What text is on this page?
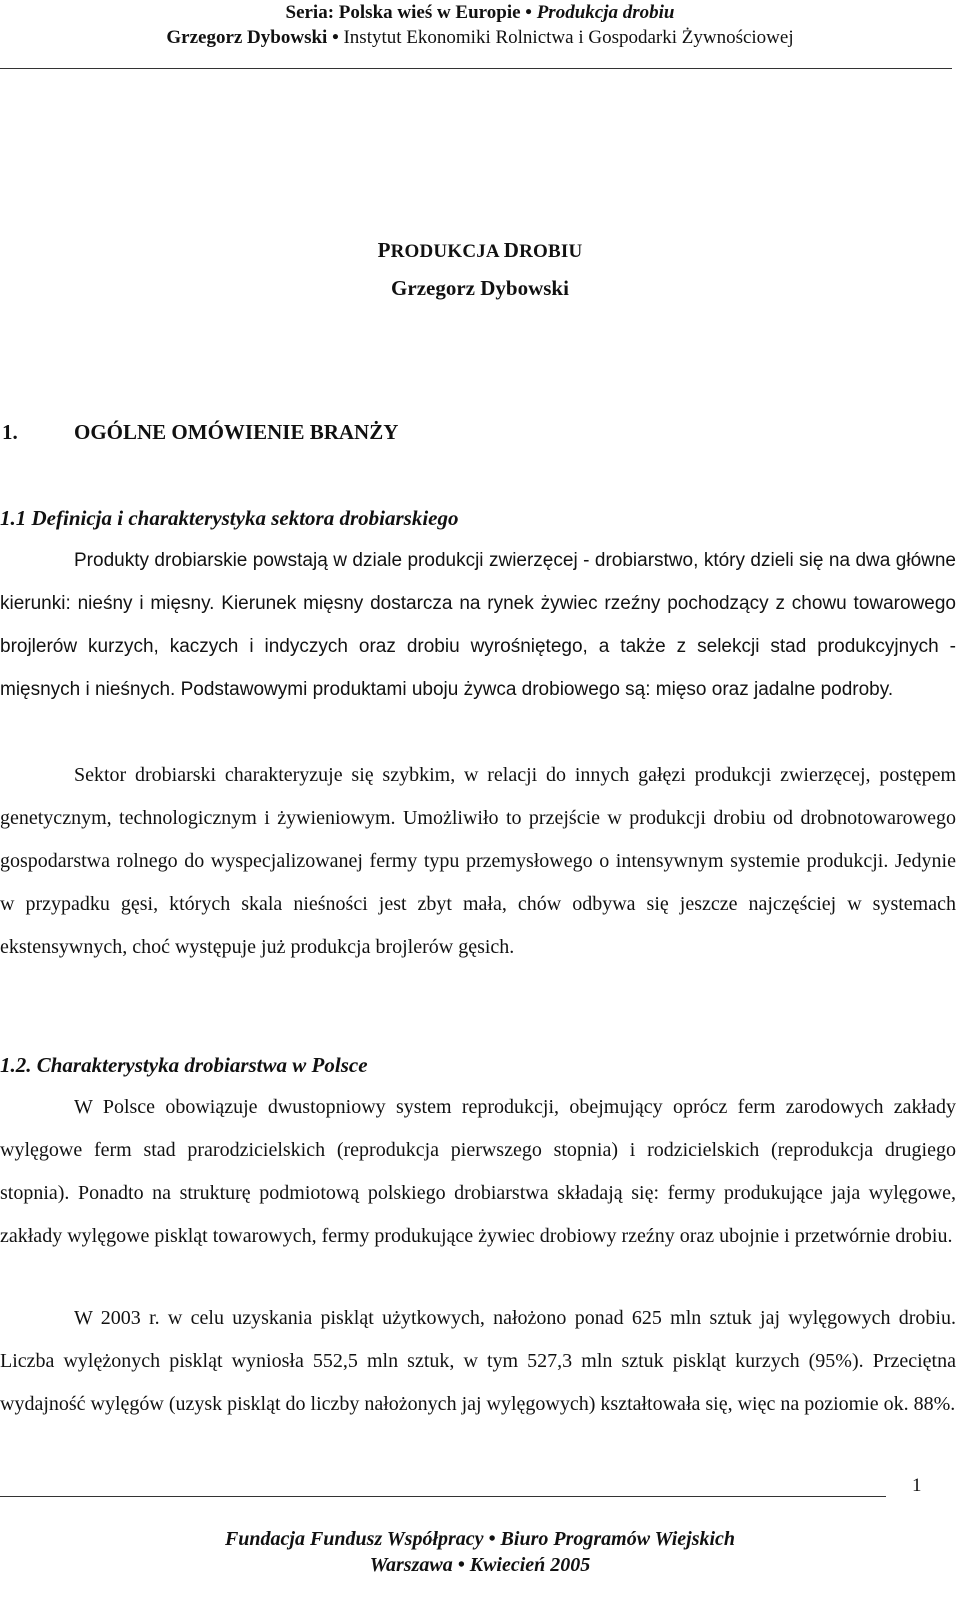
Seria: Polska wieś w Europie • Produkcja drobiu
Grzegorz Dybowski • Instytut Ekonomiki Rolnictwa i Gospodarki Żywnościowej
PRODUKCJA DROBIU
Grzegorz Dybowski
1.	OGÓLNE OMÓWIENIE BRANŻY
1.1 Definicja i charakterystyka sektora drobiarskiego
Produkty drobiarskie powstają w dziale produkcji zwierzęcej - drobiarstwo, który dzieli się na dwa główne kierunki: nieśny i mięsny. Kierunek mięsny dostarcza na rynek żywiec rzeźny pochodzący z chowu towarowego brojlerów kurzych, kaczych i indyczych oraz drobiu wyrośniętego, a także z selekcji stad produkcyjnych - mięsnych i nieśnych. Podstawowymi produktami uboju żywca drobiowego są: mięso oraz jadalne podroby.
Sektor drobiarski charakteryzuje się szybkim, w relacji do innych gałęzi produkcji zwierzęcej, postępem genetycznym, technologicznym i żywieniowym. Umożliwiło to przejście w produkcji drobiu od drobnotowarowego gospodarstwa rolnego do wyspecjalizowanej fermy typu przemysłowego o intensywnym systemie produkcji. Jedynie w przypadku gęsi, których skala nieśności jest zbyt mała, chów odbywa się jeszcze najczęściej w systemach ekstensywnych, choć występuje już produkcja brojlerów gęsich.
1.2. Charakterystyka drobiarstwa w Polsce
W Polsce obowiązuje dwustopniowy system reprodukcji, obejmujący oprócz ferm zarodowych zakłady wylęgowe ferm stad prarodzicielskich (reprodukcja pierwszego stopnia) i rodzicielskich (reprodukcja drugiego stopnia). Ponadto na strukturę podmiotową polskiego drobiarstwa składają się: fermy produkujące jaja wylęgowe, zakłady wylęgowe piskląt towarowych, fermy produkujące żywiec drobiowy rzeźny oraz ubojnie i przetwórnie drobiu.
W 2003 r. w celu uzyskania piskląt użytkowych, nałożono ponad 625 mln sztuk jaj wylęgowych drobiu. Liczba wylężonych piskląt wyniosła 552,5 mln sztuk, w tym 527,3 mln sztuk piskląt kurzych (95%). Przeciętna wydajność wylęgów (uzysk piskląt do liczby nałożonych jaj wylęgowych) kształtowała się, więc na poziomie ok. 88%.
1
Fundacja Fundusz Współpracy • Biuro Programów Wiejskich
Warszawa • Kwiecień 2005
